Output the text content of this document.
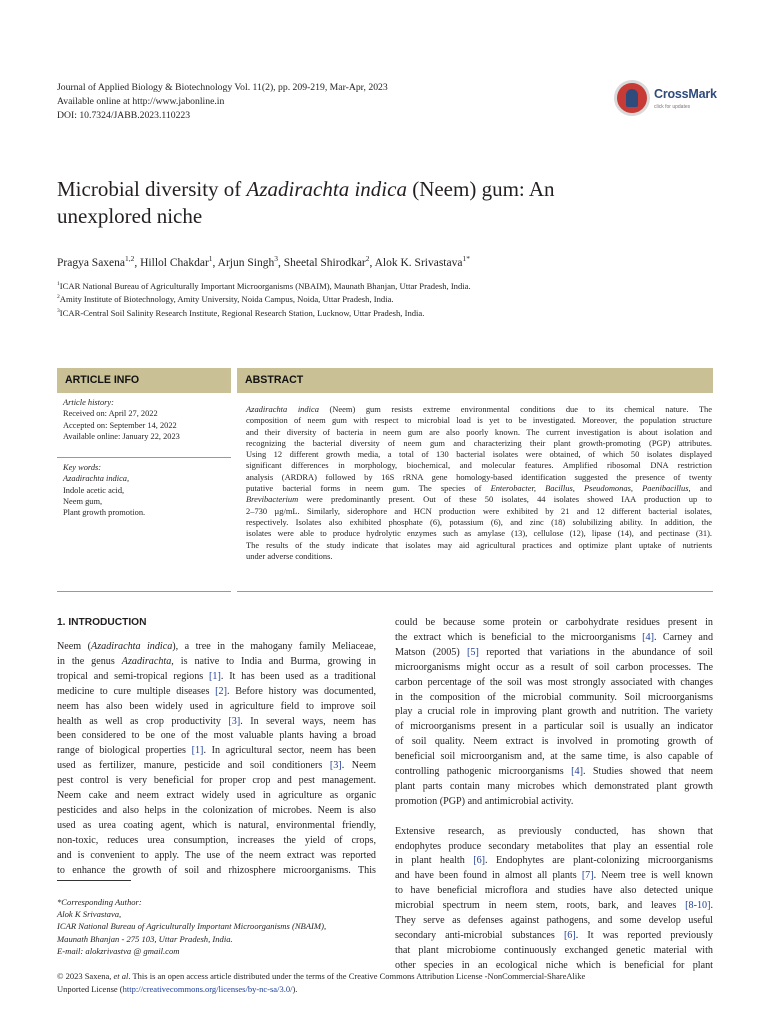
Journal of Applied Biology & Biotechnology Vol. 11(2), pp. 209-219, Mar-Apr, 2023
Available online at http://www.jabonline.in
DOI: 10.7324/JABB.2023.110223
CrossMark
click for updates
Microbial diversity of Azadirachta indica (Neem) gum: An
unexplored niche
Pragya Saxena$^{1,2}$, Hillol Chakdar$^1$, Arjun Singh$^3$, Sheetal Shirodkar$^2$, Alok K. Srivastava$^{1*}$
$^1$ICAR National Bureau of Agriculturally Important Microorganisms (NBAIM), Maunath Bhanjan, Uttar Pradesh, India.
$^2$Amity Institute of Biotechnology, Amity University, Noida Campus, Noida, Uttar Pradesh, India.
$^3$ICAR-Central Soil Salinity Research Institute, Regional Research Station, Lucknow, Uttar Pradesh, India.
ARTICLE INFO	ABSTRACT
Article history:
Received on: April 27, 2022
Accepted on: September 14, 2022
Available online: January 22, 2023
Key words:
Azadirachta indica,
Indole acetic acid,
Neem gum,
Plant growth promotion.
Azadirachta indica (Neem) gum resists extreme environmental conditions due to its chemical nature. The
composition of neem gum with respect to microbial load is yet to be investigated. Moreover, the population structure
and their diversity of bacteria in neem gum are also poorly known. The current investigation is about isolation and
recognizing the bacterial diversity of neem gum and characterizing their plant growth-promoting (PGP) attributes.
Using 12 different growth media, a total of 130 bacterial isolates were obtained, of which 50 isolates displayed
significant differences in morphology, biochemical, and molecular features. Amplified ribosomal DNA restriction
analysis (ARDRA) followed by 16S rRNA gene homology-based identification suggested the presence of twenty
putative bacterial forms in neem gum. The species of Enterobacter, Bacillus, Pseudomonas, Paenibacillus, and
Brevibacterium were predominantly present. Out of these 50 isolates, 44 isolates showed IAA production up to
2–730 µg/mL. Similarly, siderophore and HCN production were exhibited by 21 and 12 different bacterial isolates,
respectively. Isolates also exhibited phosphate (6), potassium (6), and zinc (18) solubilizing ability. In addition, the
isolates were able to produce hydrolytic enzymes such as amylase (13), cellulose (12), lipase (14), and pectinase (31).
The results of the study indicate that isolates may aid agricultural practices and optimize plant uptake of nutrients
under adverse conditions.
1. INTRODUCTION
Neem (Azadirachta indica), a tree in the mahogany family Meliaceae,
in the genus Azadirachta, is native to India and Burma, growing in
tropical and semi-tropical regions [1]. It has been used as a traditional
medicine to cure multiple diseases [2]. Before history was documented,
neem has also been widely used in agriculture field to improve soil
health as well as crop productivity [3]. In several ways, neem has
been considered to be one of the most valuable plants having a broad
range of biological properties [1]. In agricultural sector, neem has been
used as fertilizer, manure, pesticide and soil conditioners [3]. Neem
pest control is very beneficial for proper crop and pest management.
Neem cake and neem extract widely used in agriculture as organic
pesticides and also helps in the colonization of microbes. Neem is also
used as urea coating agent, which is natural, environmental friendly,
non-toxic, reduces urea consumption, increases the yield of crops,
and is convenient to apply. The use of the neem extract was reported
to enhance the growth of soil and rhizosphere microorganisms. This
*Corresponding Author:
Alok K Srivastava,
ICAR National Bureau of Agriculturally Important Microorganisms (NBAIM),
Maunath Bhanjan - 275 103, Uttar Pradesh, India.
E-mail: alokzrivastva @ gmail.com
could be because some protein or carbohydrate residues present in
the extract which is beneficial to the microorganisms [4]. Carney and
Matson (2005) [5] reported that variations in the abundance of soil
microorganisms might occur as a result of soil carbon processes. The
carbon percentage of the soil was most strongly associated with changes
in the composition of the microbial community. Soil microorganisms
play a crucial role in improving plant growth and nutrition. The variety
of microorganisms present in a particular soil is usually an indicator
of soil quality. Neem extract is involved in promoting growth of
beneficial soil microorganism and, at the same time, is also capable of
controlling pathogenic microorganisms [4]. Studies showed that neem
plant parts contain many microbes which demonstrated plant growth
promotion (PGP) and antimicrobial activity.
Extensive research, as previously conducted, has shown that
endophytes produce secondary metabolites that play an essential role
in plant health [6]. Endophytes are plant-colonizing microorganisms
and have been found in almost all plants [7]. Neem tree is well known
to have beneficial microflora and studies have also detected unique
microbial spectrum in neem stem, roots, bark, and leaves [8-10].
They serve as defenses against pathogens, and some develop useful
secondary anti-microbial substances [6]. It was reported previously
that plant microbiome continuously exchanged genetic material with
other species in an ecological niche which is beneficial for plant
© 2023 Saxena, et al. This is an open access article distributed under the terms of the Creative Commons Attribution License -NonCommercial-ShareAlike
Unported License (http://creativecommons.org/licenses/by-nc-sa/3.0/).
